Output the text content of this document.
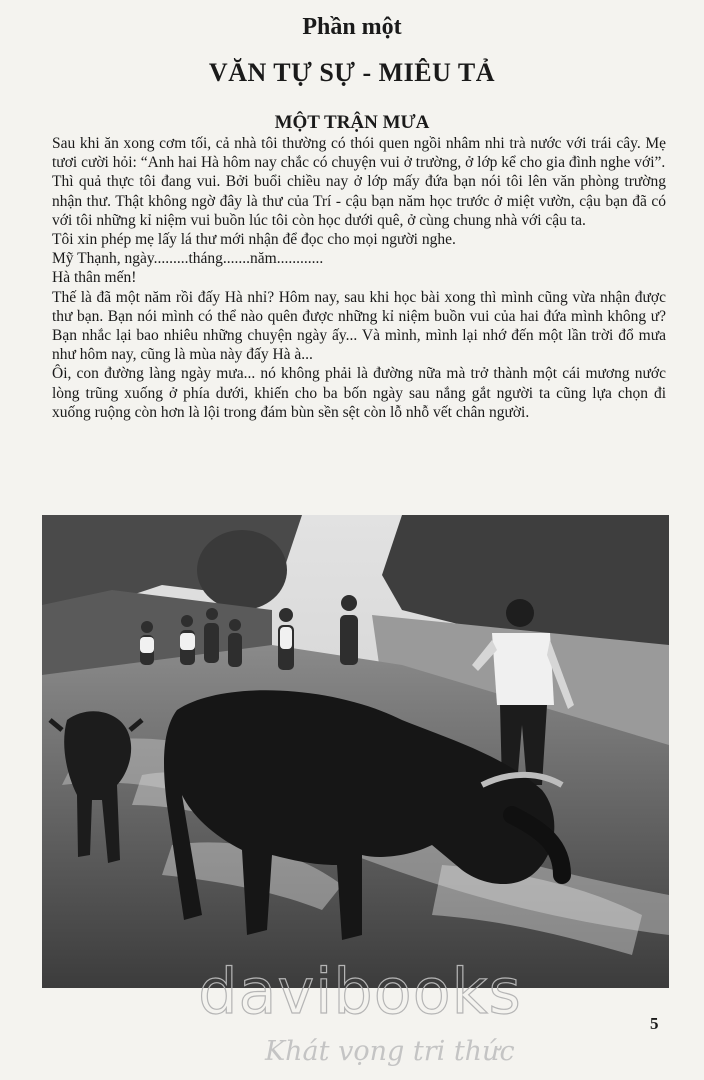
Phần một
VĂN TỰ SỰ - MIÊU TẢ
MỘT TRẬN MƯA

Sau khi ăn xong cơm tối, cả nhà tôi thường có thói quen ngồi nhâm nhi trà nước với trái cây. Mẹ tươi cười hỏi: “Anh hai Hà hôm nay chắc có chuyện vui ở trường, ở lớp kể cho gia đình nghe với”.

Thì quả thực tôi đang vui. Bởi buổi chiều nay ở lớp mấy đứa bạn nói tôi lên văn phòng trường nhận thư. Thật không ngờ đây là thư của Trí - cậu bạn năm học trước ở miệt vườn, cậu bạn đã có với tôi những kỉ niệm vui buồn lúc tôi còn học dưới quê, ở cùng chung nhà với cậu ta.

Tôi xin phép mẹ lấy lá thư mới nhận để đọc cho mọi người nghe.

Mỹ Thạnh, ngày.........tháng.......năm............

Hà thân mến!

Thế là đã một năm rồi đấy Hà nhỉ? Hôm nay, sau khi học bài xong thì mình cũng vừa nhận được thư bạn. Bạn nói mình có thể nào quên được những kỉ niệm buồn vui của hai đứa mình không ư? Bạn nhắc lại bao nhiêu những chuyện ngày ấy... Và mình, mình lại nhớ đến một lần trời đổ mưa như hôm nay, cũng là mùa này đấy Hà à...

Ôi, con đường làng ngày mưa... nó không phải là đường nữa mà trở thành một cái mương nước lòng trũng xuống ở phía dưới, khiến cho ba bốn ngày sau nắng gắt người ta cũng lựa chọn đi xuống ruộng còn hơn là lội trong đám bùn sền sệt còn lỗ nhỗ vết chân người.

davibooks
Khát vọng tri thức
5
